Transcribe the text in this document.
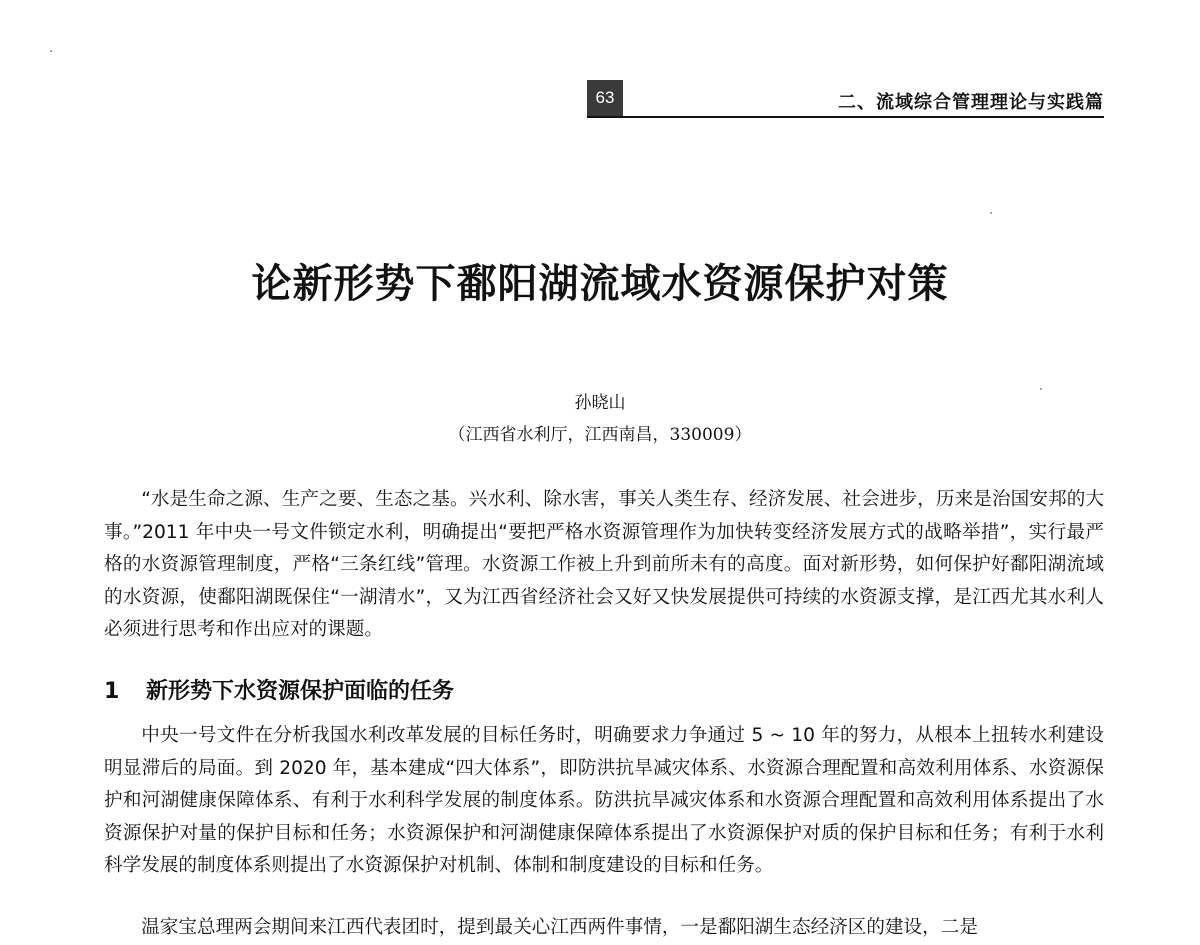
63	二、流域综合管理理论与实践篇
论新形势下鄱阳湖流域水资源保护对策
孙晓山
（江西省水利厅，江西南昌，330009）

“水是生命之源、生产之要、生态之基。兴水利、除水害，事关人类生存、经济发展、社会进步，历来是治国安邦的大事。”2011 年中央一号文件锁定水利，明确提出“要把严格水资源管理作为加快转变经济发展方式的战略举措”，实行最严格的水资源管理制度，严格“三条红线”管理。水资源工作被上升到前所未有的高度。面对新形势，如何保护好鄱阳湖流域的水资源，使鄱阳湖既保住“一湖清水”，又为江西省经济社会又好又快发展提供可持续的水资源支撑，是江西尤其水利人必须进行思考和作出应对的课题。

1 新形势下水资源保护面临的任务

中央一号文件在分析我国水利改革发展的目标任务时，明确要求力争通过 5 ~ 10 年的努力，从根本上扭转水利建设明显滞后的局面。到 2020 年，基本建成“四大体系”，即防洪抗旱减灾体系、水资源合理配置和高效利用体系、水资源保护和河湖健康保障体系、有利于水利科学发展的制度体系。防洪抗旱减灾体系和水资源合理配置和高效利用体系提出了水资源保护对量的保护目标和任务；水资源保护和河湖健康保障体系提出了水资源保护对质的保护目标和任务；有利于水利科学发展的制度体系则提出了水资源保护对机制、体制和制度建设的目标和任务。

温家宝总理两会期间来江西代表团时，提到最关心江西两件事情，一是鄱阳湖生态经济区的建设，二是
